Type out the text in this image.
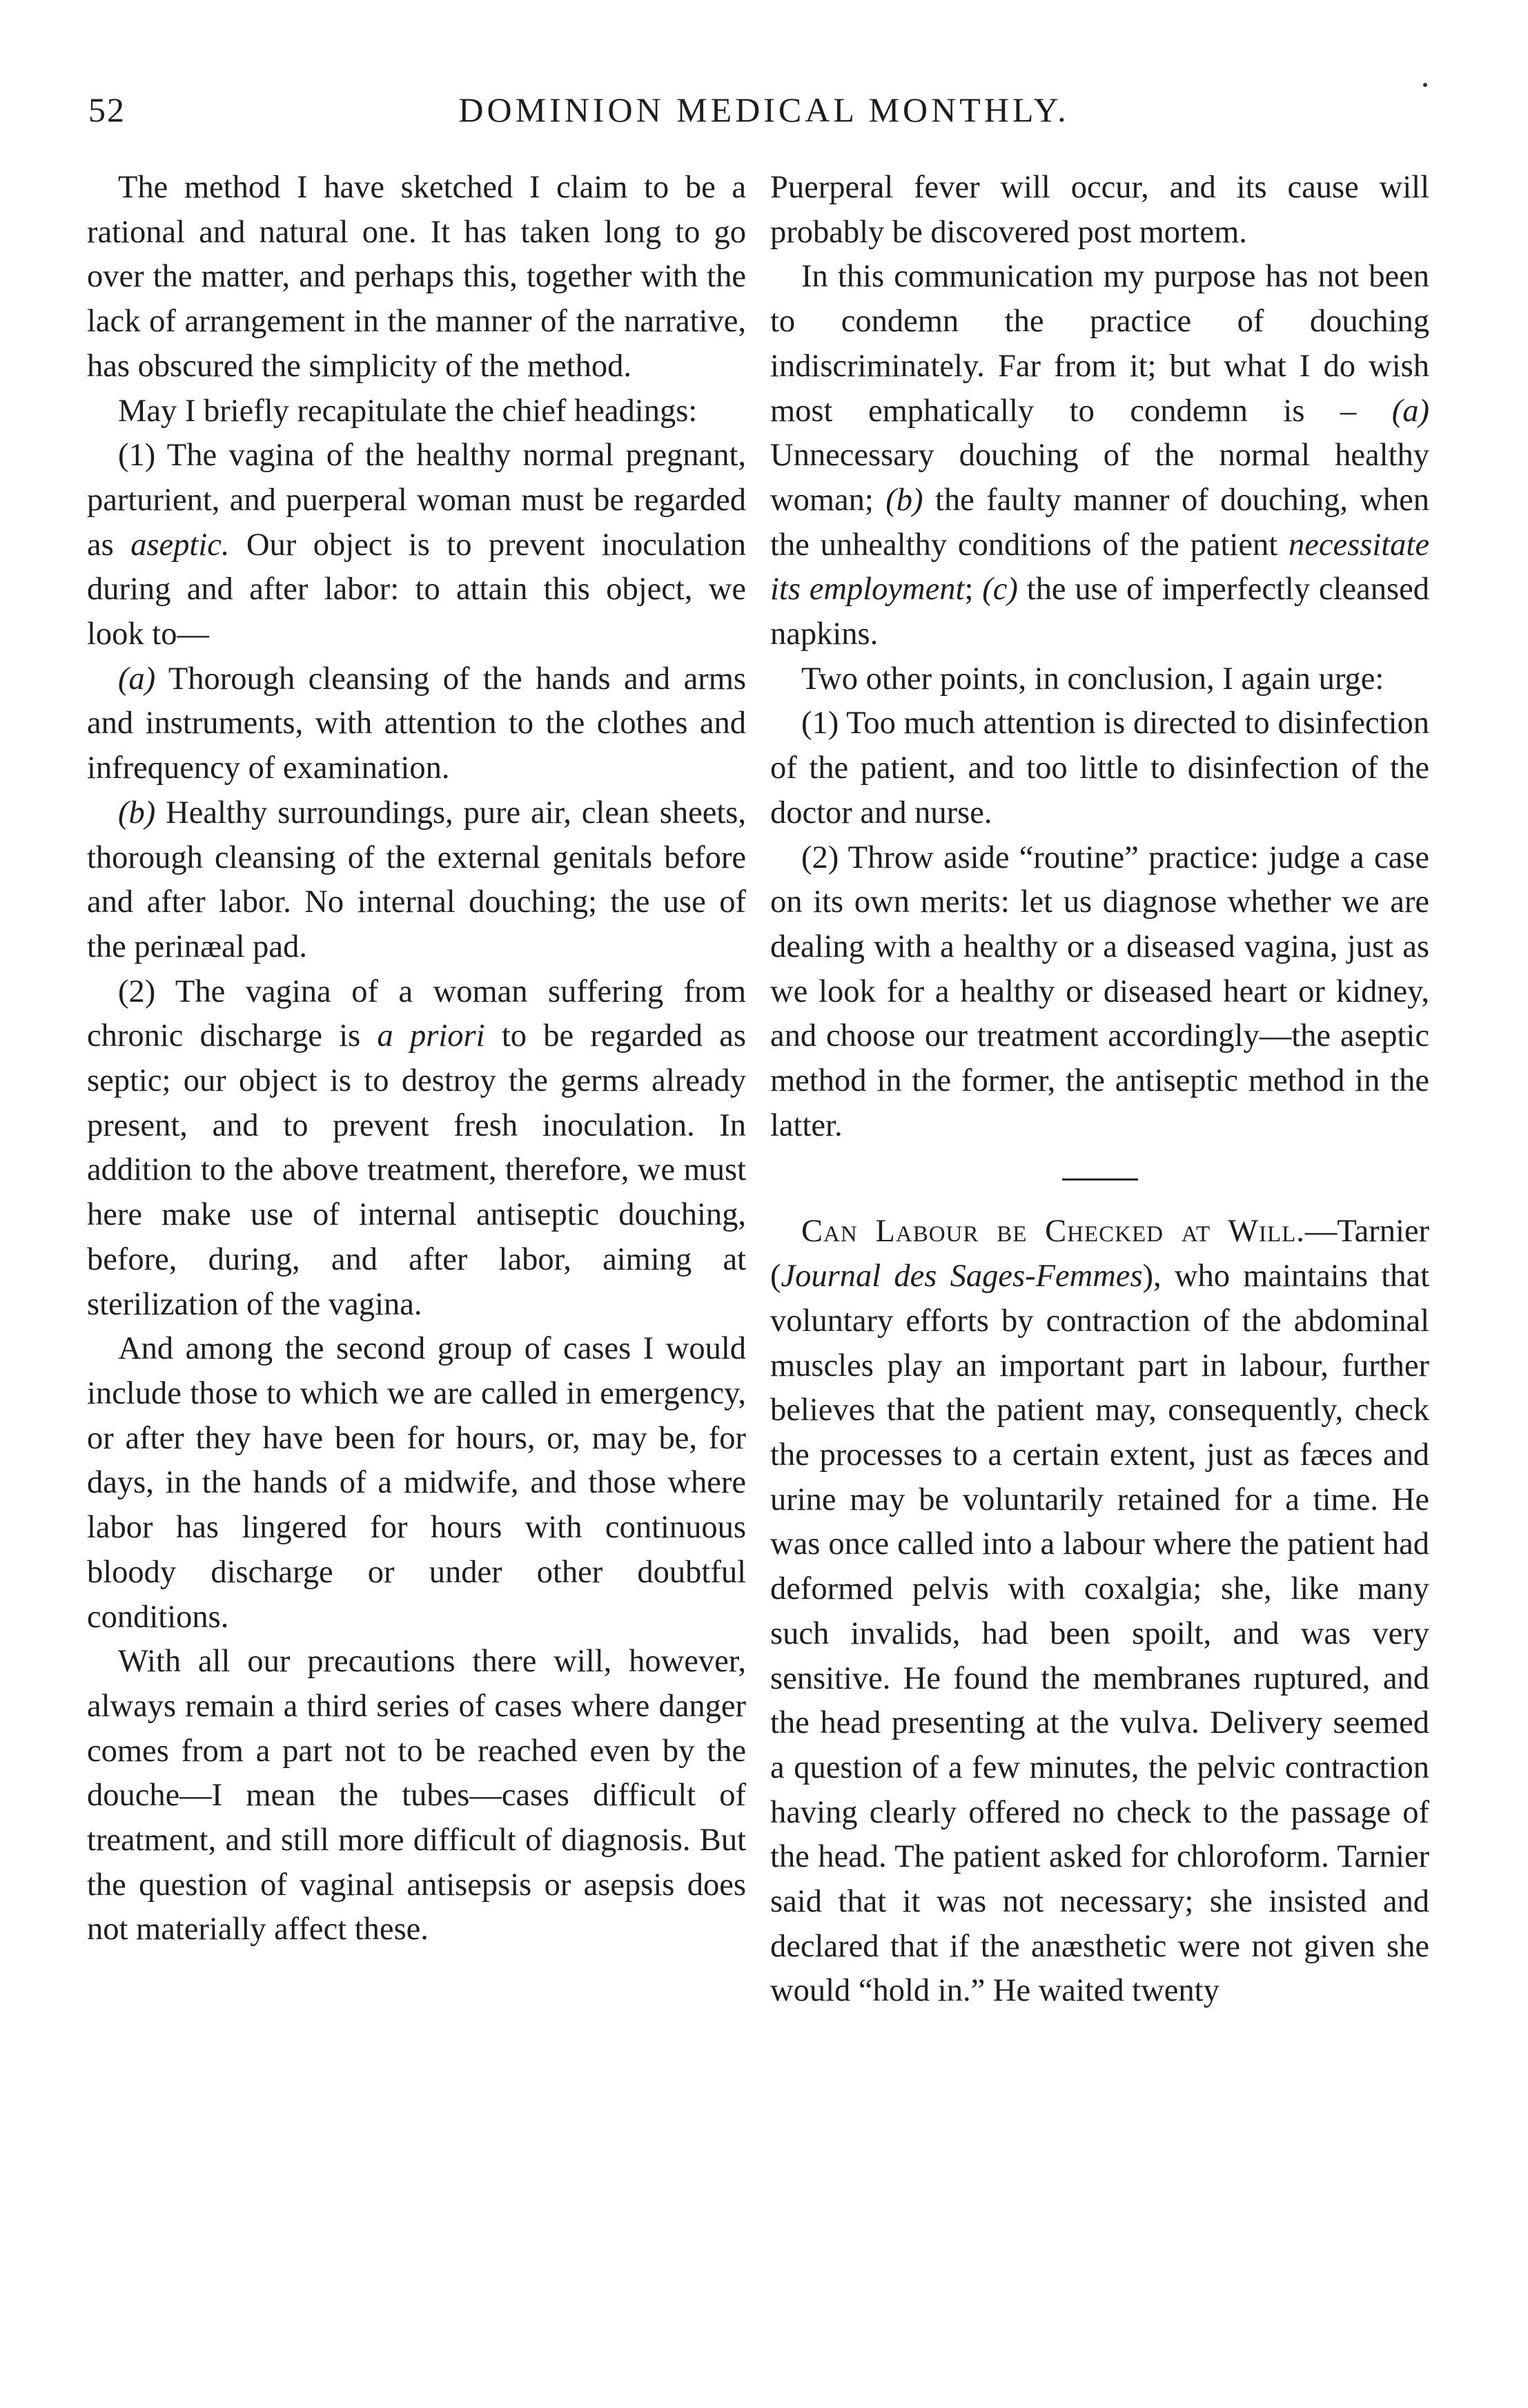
52	DOMINION MEDICAL MONTHLY.

The method I have sketched I claim to be a rational and natural one. It has taken long to go over the matter, and perhaps this, together with the lack of arrangement in the manner of the narrative, has obscured the simplicity of the method.

May I briefly recapitulate the chief headings:

(1) The vagina of the healthy normal pregnant, parturient, and puerperal woman must be regarded as aseptic. Our object is to prevent inoculation during and after labor: to attain this object, we look to—

(a) Thorough cleansing of the hands and arms and instruments, with attention to the clothes and infrequency of examination.

(b) Healthy surroundings, pure air, clean sheets, thorough cleansing of the external genitals before and after labor. No internal douching; the use of the perinæal pad.

(2) The vagina of a woman suffering from chronic discharge is a priori to be regarded as septic; our object is to destroy the germs already present, and to prevent fresh inoculation. In addition to the above treatment, therefore, we must here make use of internal antiseptic douching, before, during, and after labor, aiming at sterilization of the vagina.

And among the second group of cases I would include those to which we are called in emergency, or after they have been for hours, or, may be, for days, in the hands of a midwife, and those where labor has lingered for hours with continuous bloody discharge or under other doubtful conditions.

With all our precautions there will, however, always remain a third series of cases where danger comes from a part not to be reached even by the douche—I mean the tubes—cases difficult of treatment, and still more difficult of diagnosis. But the question of vaginal antisepsis or asepsis does not materially affect these.

Puerperal fever will occur, and its cause will probably be discovered post mortem.

In this communication my purpose has not been to condemn the practice of douching indiscriminately. Far from it; but what I do wish most emphatically to condemn is – (a) Unnecessary douching of the normal healthy woman; (b) the faulty manner of douching, when the unhealthy conditions of the patient necessitate its employment; (c) the use of imperfectly cleansed napkins.

Two other points, in conclusion, I again urge:

(1) Too much attention is directed to disinfection of the patient, and too little to disinfection of the doctor and nurse.

(2) Throw aside “routine” practice: judge a case on its own merits: let us diagnose whether we are dealing with a healthy or a diseased vagina, just as we look for a healthy or diseased heart or kidney, and choose our treatment accordingly—the aseptic method in the former, the antiseptic method in the latter.

Can Labour be Checked at Will.—Tarnier (Journal des Sages-Femmes), who maintains that voluntary efforts by contraction of the abdominal muscles play an important part in labour, further believes that the patient may, consequently, check the processes to a certain extent, just as fæces and urine may be voluntarily retained for a time. He was once called into a labour where the patient had deformed pelvis with coxalgia; she, like many such invalids, had been spoilt, and was very sensitive. He found the membranes ruptured, and the head presenting at the vulva. Delivery seemed a question of a few minutes, the pelvic contraction having clearly offered no check to the passage of the head. The patient asked for chloroform. Tarnier said that it was not necessary; she insisted and declared that if the anæsthetic were not given she would “hold in.” He waited twenty
